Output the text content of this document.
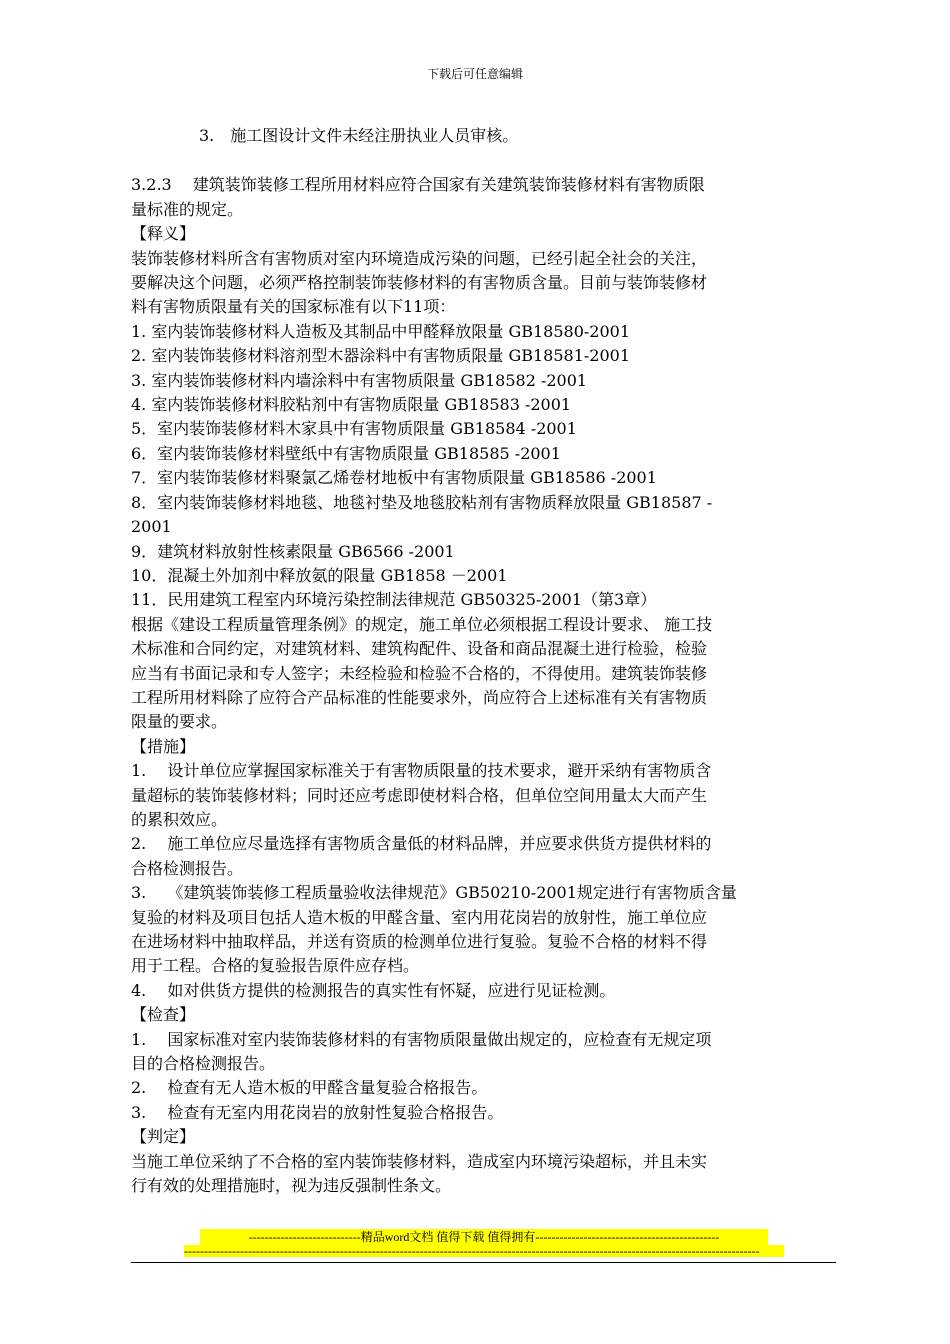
下载后可任意编辑

3.　施工图设计文件未经注册执业人员审核。

3.2.3　 建筑装饰装修工程所用材料应符合国家有关建筑装饰装修材料有害物质限

量标准的规定。

【释义】

装饰装修材料所含有害物质对室内环境造成污染的问题，已经引起全社会的关注，

要解决这个问题，必须严格控制装饰装修材料的有害物质含量。目前与装饰装修材

料有害物质限量有关的国家标准有以下11项：

1. 室内装饰装修材料人造板及其制品中甲醛释放限量 GB18580-2001

2. 室内装饰装修材料溶剂型木器涂料中有害物质限量 GB18581-2001

3. 室内装饰装修材料内墙涂料中有害物质限量 GB18582 -2001

4. 室内装饰装修材料胶粘剂中有害物质限量 GB18583 -2001

5．室内装饰装修材料木家具中有害物质限量 GB18584 -2001

6．室内装饰装修材料壁纸中有害物质限量 GB18585 -2001

7．室内装饰装修材料聚氯乙烯卷材地板中有害物质限量 GB18586 -2001

8．室内装饰装修材料地毯、地毯衬垫及地毯胶粘剂有害物质释放限量 GB18587 -

2001

9．建筑材料放射性核素限量 GB6566 -2001

10．混凝土外加剂中释放氨的限量 GB1858 －2001

11．民用建筑工程室内环境污染控制法律规范 GB50325-2001（第3章）

根据《建设工程质量管理条例》的规定，施工单位必须根据工程设计要求、 施工技

术标准和合同约定，对建筑材料、建筑构配件、设备和商品混凝土进行检验，检验

应当有书面记录和专人签字；未经检验和检验不合格的，不得使用。建筑装饰装修

工程所用材料除了应符合产品标准的性能要求外，尚应符合上述标准有关有害物质

限量的要求。

【措施】

1.　 设计单位应掌握国家标准关于有害物质限量的技术要求，避开采纳有害物质含

量超标的装饰装修材料；同时还应考虑即使材料合格，但单位空间用量太大而产生

的累积效应。

2.　 施工单位应尽量选择有害物质含量低的材料品牌，并应要求供货方提供材料的

合格检测报告。

3.　 《建筑装饰装修工程质量验收法律规范》GB50210-2001规定进行有害物质含量

复验的材料及项目包括人造木板的甲醛含量、室内用花岗岩的放射性，施工单位应

在进场材料中抽取样品，并送有资质的检测单位进行复验。复验不合格的材料不得

用于工程。合格的复验报告原件应存档。

4.　 如对供货方提供的检测报告的真实性有怀疑，应进行见证检测。

【检查】

1.　 国家标准对室内装饰装修材料的有害物质限量做出规定的，应检查有无规定项

目的合格检测报告。

2.　 检查有无人造木板的甲醛含量复验合格报告。

3.　 检查有无室内用花岗岩的放射性复验合格报告。

【判定】

当施工单位采纳了不合格的室内装饰装修材料，造成室内环境污染超标，并且未实

行有效的处理措施时，视为违反强制性条文。

----------------------------精品word文档 值得下载 值得拥有----------------------------------------------
------------------------------------------------------------------------------------------------------------------------------------------------
